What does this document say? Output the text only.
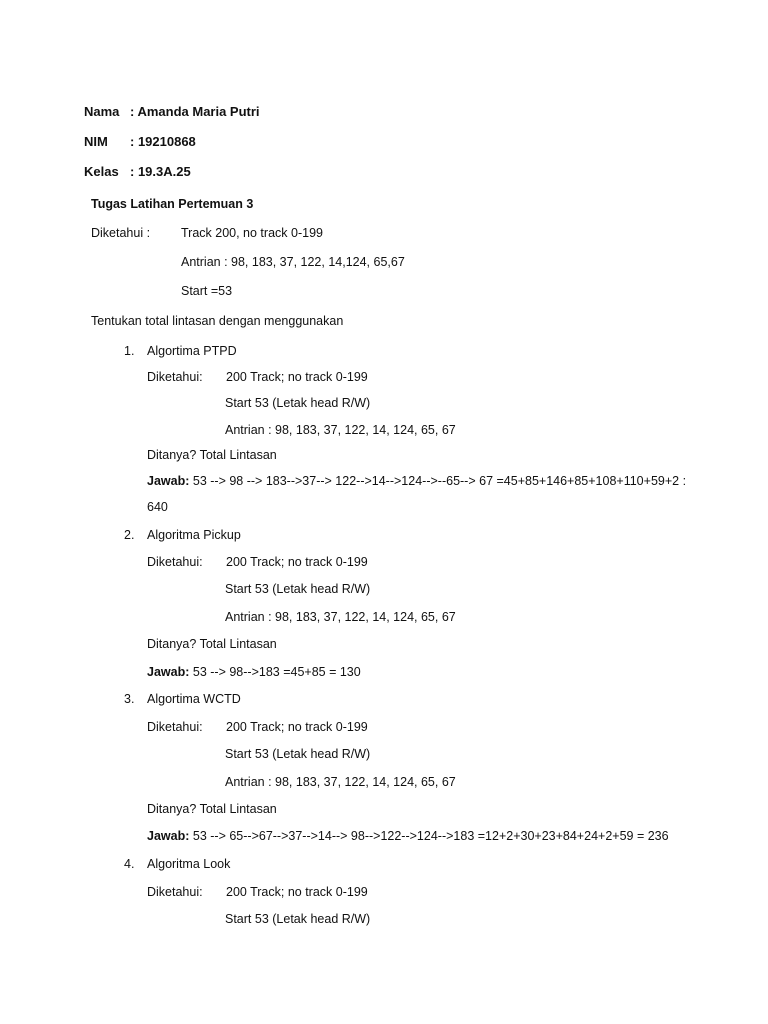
Nama : Amanda Maria Putri
NIM : 19210868
Kelas : 19.3A.25
Tugas Latihan Pertemuan 3
Diketahui : Track 200, no track 0-199
Antrian : 98, 183, 37, 122, 14,124, 65,67
Start =53
Tentukan total lintasan dengan menggunakan
1. Algortima PTPD
Diketahui: 200 Track; no track 0-199
Start 53 (Letak head R/W)
Antrian : 98, 183, 37, 122, 14, 124, 65, 67
Ditanya? Total Lintasan
Jawab: 53 --> 98 --> 183-->37--> 122-->14-->124-->--65--> 67 =45+85+146+85+108+110+59+2 :
640
2. Algoritma Pickup
Diketahui: 200 Track; no track 0-199
Start 53 (Letak head R/W)
Antrian : 98, 183, 37, 122, 14, 124, 65, 67
Ditanya? Total Lintasan
Jawab: 53 --> 98-->183 =45+85 = 130
3. Algortima WCTD
Diketahui: 200 Track; no track 0-199
Start 53 (Letak head R/W)
Antrian : 98, 183, 37, 122, 14, 124, 65, 67
Ditanya? Total Lintasan
Jawab: 53 --> 65-->67-->37-->14--> 98-->122-->124-->183 =12+2+30+23+84+24+2+59 = 236
4. Algoritma Look
Diketahui: 200 Track; no track 0-199
Start 53 (Letak head R/W)
